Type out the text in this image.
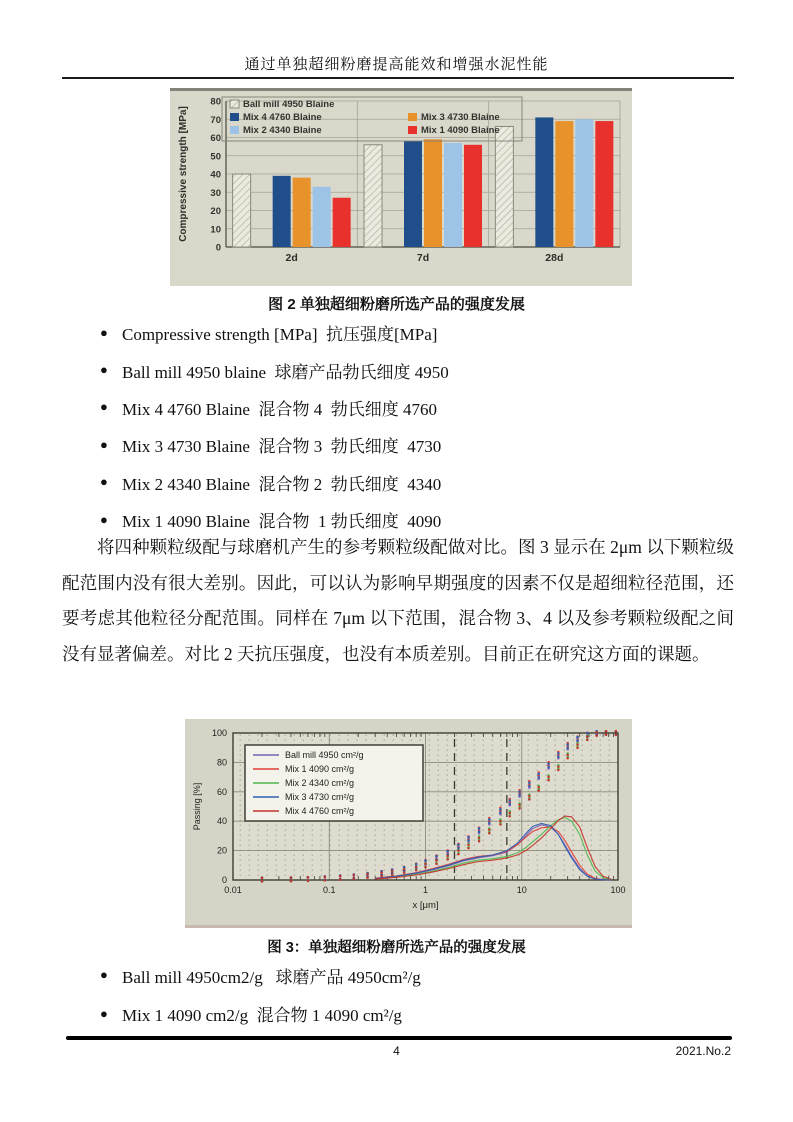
通过单独超细粉磨提高能效和增强水泥性能
0
10
20
30
40
50
60
70
80
2d	7d	28d
Compressive strength [MPa]
Ball mill 4950 Blaine
Mix 4 4760 Blaine	Mix 3 4730 Blaine
Mix 2 4340 Blaine	Mix 1 4090 Blaine
图 2 单独超细粉磨所选产品的强度发展
●
Compressive strength [MPa]  抗压强度[MPa]
●
Ball mill 4950 blaine  球磨产品勃氏细度 4950
●
Mix 4 4760 Blaine  混合物 4  勃氏细度 4760
●
Mix 3 4730 Blaine  混合物 3  勃氏细度  4730
●
Mix 2 4340 Blaine  混合物 2  勃氏细度  4340
●
Mix 1 4090 Blaine  混合物  1 勃氏细度  4090

将四种颗粒级配与球磨机产生的参考颗粒级配做对比。图 3 显示在 2μm 以下颗粒级配范围内没有很大差别。因此，可以认为影响早期强度的因素不仅是超细粒径范围，还要考虑其他粒径分配范围。同样在 7μm 以下范围，混合物 3、4 以及参考颗粒级配之间没有显著偏差。对比 2 天抗压强度，也没有本质差别。目前正在研究这方面的课题。

0
20
40
60
80
100
0.01	0.1	1	10	100
Ball mill 4950 cm²/g
Mix 1 4090 cm²/g
Mix 2 4340 cm²/g
Mix 3 4730 cm²/g
Mix 4 4760 cm²/g
x [μm]
Passing [%]
图 3：单独超细粉磨所选产品的强度发展
●
Ball mill 4950cm2/g   球磨产品 4950cm²/g
●
Mix 1 4090 cm2/g  混合物 1 4090 cm²/g
4	2021.No.2
